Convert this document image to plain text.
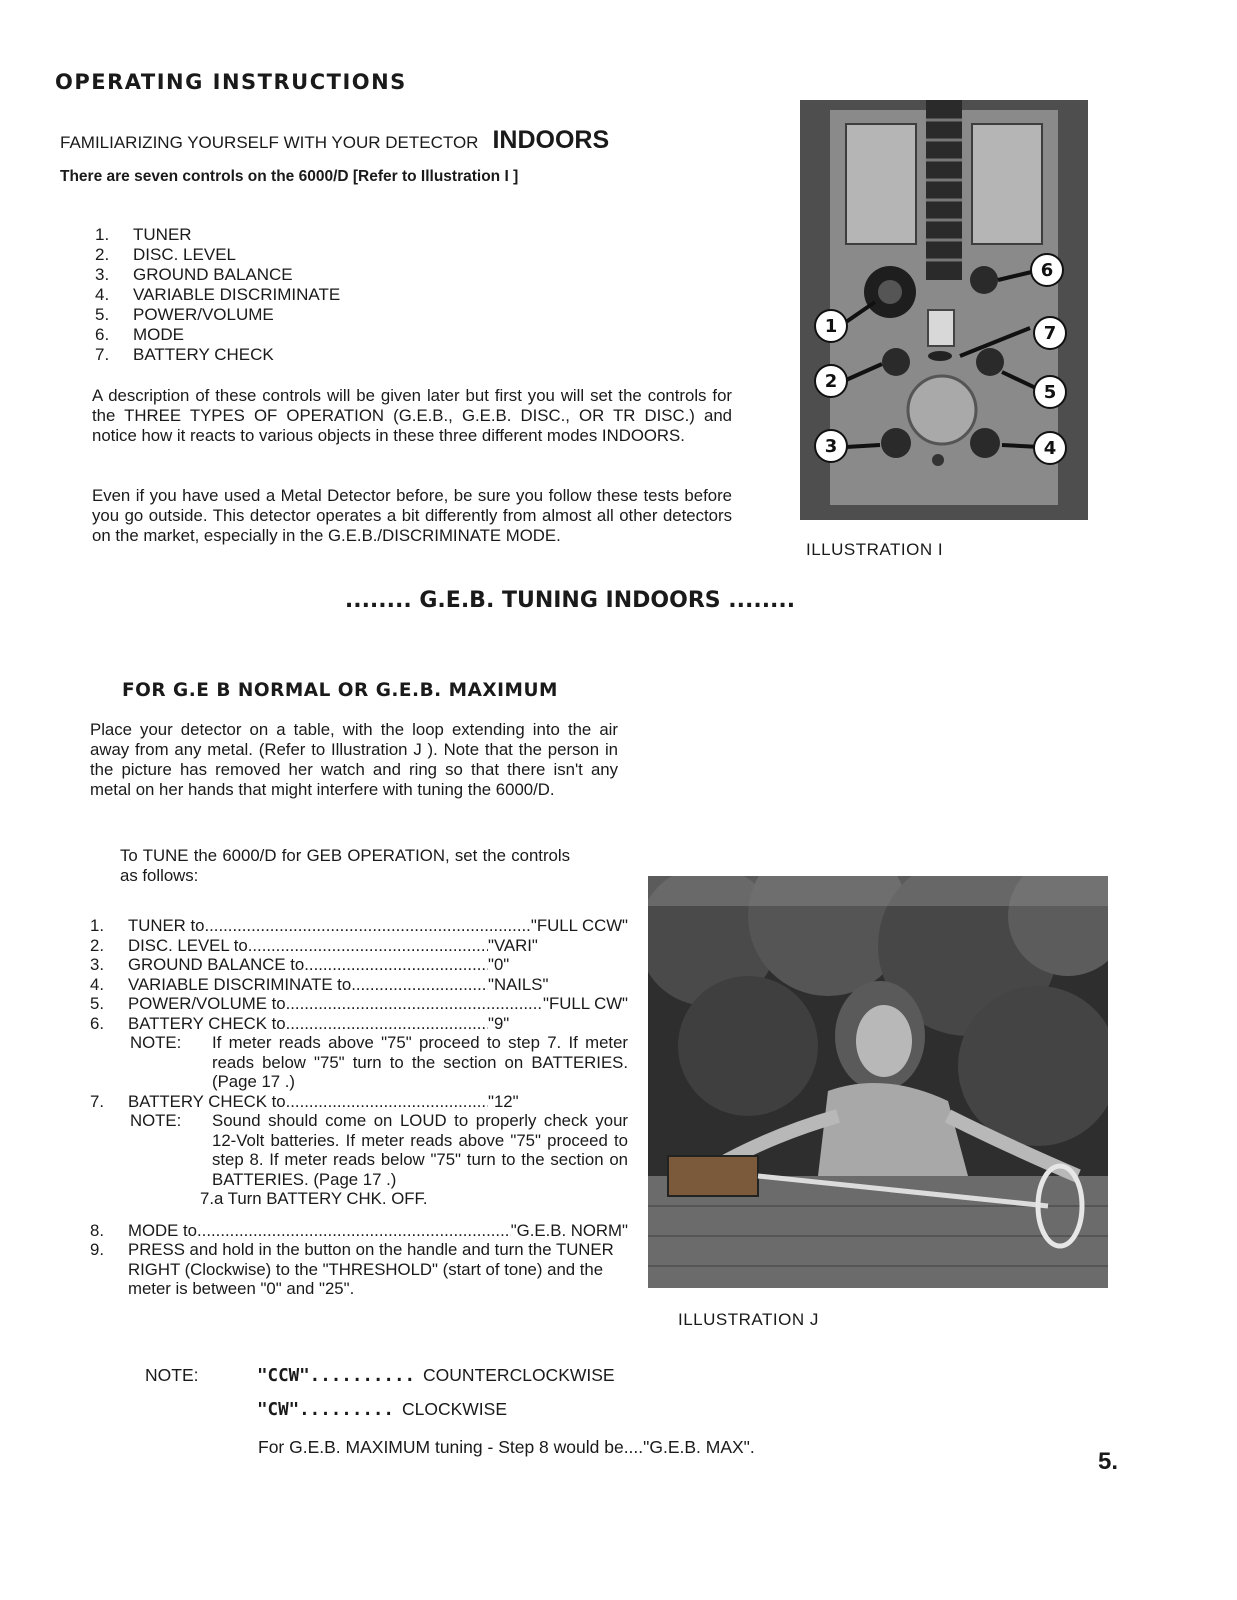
OPERATING INSTRUCTIONS
FAMILIARIZING YOURSELF WITH YOUR DETECTOR INDOORS
There are seven controls on the 6000/D [Refer to Illustration I ]
1.	TUNER
2.	DISC. LEVEL
3.	GROUND BALANCE
4.	VARIABLE DISCRIMINATE
5.	POWER/VOLUME
6.	MODE
7.	BATTERY CHECK
A description of these controls will be given later but first you will set the controls for the THREE TYPES OF OPERATION (G.E.B., G.E.B. DISC., OR TR DISC.) and notice how it reacts to various objects in these three different modes INDOORS.
Even if you have used a Metal Detector before, be sure you follow these tests before you go outside. This detector operates a bit differently from almost all other detectors on the market, especially in the G.E.B./DISCRIMINATE MODE.
1
2
3	4
5
6
7
ILLUSTRATION I
........ G.E.B. TUNING INDOORS ........
FOR G.E B NORMAL OR G.E.B. MAXIMUM
Place your detector on a table, with the loop extending into the air away from any metal. (Refer to Illustration J ). Note that the person in the picture has removed her watch and ring so that there isn't any metal on her hands that might interfere with tuning the 6000/D.
To TUNE the 6000/D for GEB OPERATION, set the controls as follows:
1.	TUNER to .....	"FULL CCW"
2.	DISC. LEVEL to .....	"VARI"
3.	GROUND BALANCE to .....	"0"
4.	VARIABLE DISCRIMINATE to .....	"NAILS"
5.	POWER/VOLUME to .....	"FULL CW"
6.	BATTERY CHECK to .....	"9"
NOTE:	If meter reads above "75" proceed to step 7. If meter reads below "75" turn to the section on BATTERIES. (Page 17 .)
7.	BATTERY CHECK to .....	"12"
NOTE:	Sound should come on LOUD to properly check your 12-Volt batteries. If meter reads above "75" proceed to step 8. If meter reads below "75" turn to the section on BATTERIES. (Page 17 .)
7.a Turn BATTERY CHK. OFF.
8.	MODE to .....	"G.E.B. NORM"
9.	PRESS and hold in the button on the handle and turn the TUNER RIGHT (Clockwise) to the "THRESHOLD" (start of tone) and the meter is between "0" and "25".
ILLUSTRATION J
NOTE:	"CCW".......... COUNTERCLOCKWISE
"CW"......... CLOCKWISE
For G.E.B. MAXIMUM tuning - Step 8 would be...."G.E.B. MAX".
5.
